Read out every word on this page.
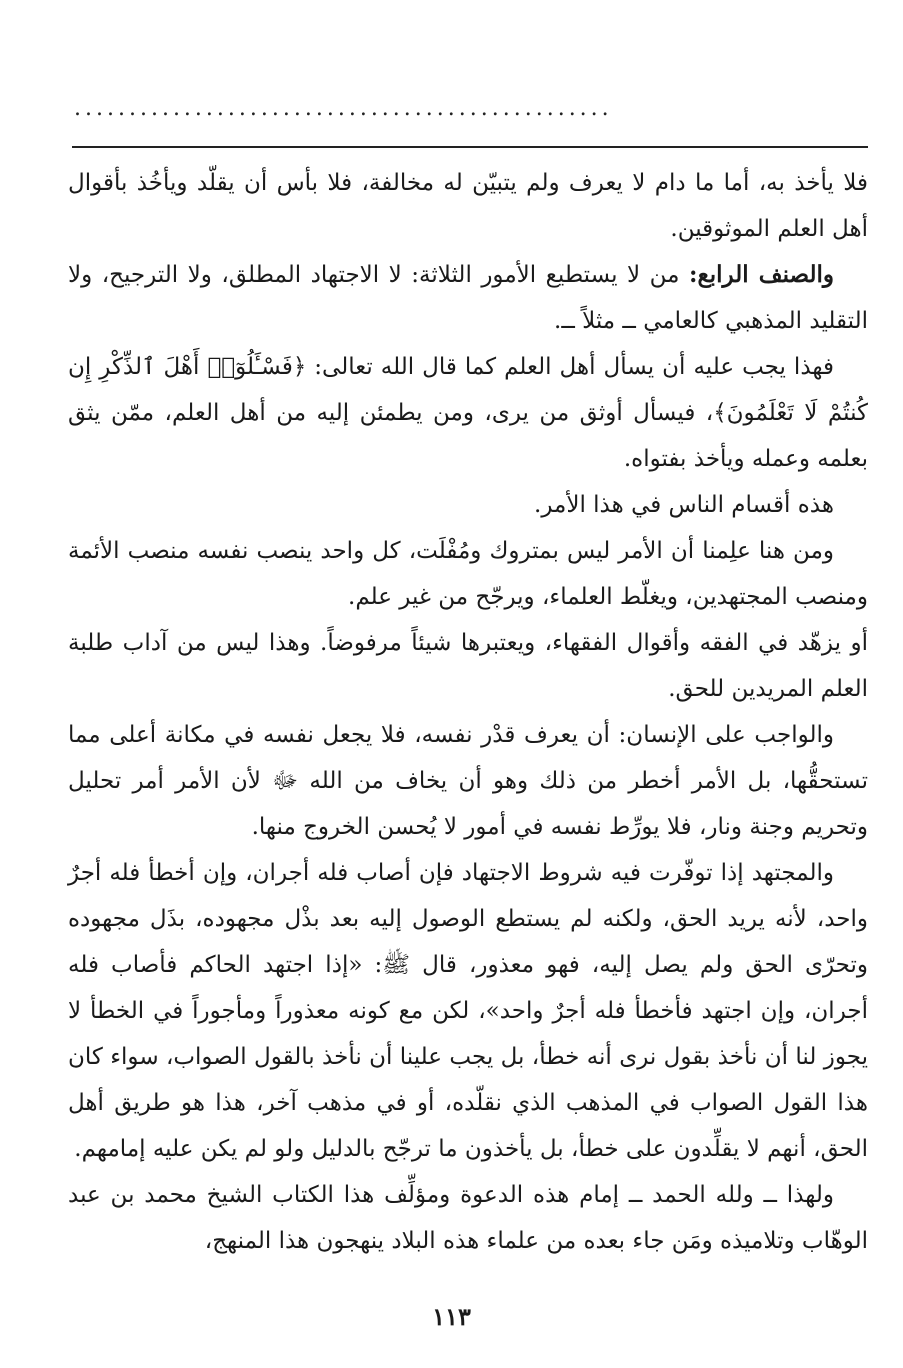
.................................................

فلا يأخذ به، أما ما دام لا يعرف ولم يتبيّن له مخالفة، فلا بأس أن يقلّد ويأخُذ بأقوال أهل العلم الموثوقين.

والصنف الرابع: من لا يستطيع الأمور الثلاثة: لا الاجتهاد المطلق، ولا الترجيح، ولا التقليد المذهبي كالعامي ــ مثلاً ــ.

فهذا يجب عليه أن يسأل أهل العلم كما قال الله تعالى: ﴿فَسْـَٔلُوٓا۟ أَهْلَ ٱلذِّكْرِ إِن كُنتُمْ لَا تَعْلَمُونَ﴾، فيسأل أوثق من يرى، ومن يطمئن إليه من أهل العلم، ممّن يثق بعلمه وعمله ويأخذ بفتواه.

هذه أقسام الناس في هذا الأمر.

ومن هنا علِمنا أن الأمر ليس بمتروك ومُفْلَت، كل واحد ينصب نفسه منصب الأئمة ومنصب المجتهدين، ويغلّط العلماء، ويرجّح من غير علم.

أو يزهّد في الفقه وأقوال الفقهاء، ويعتبرها شيئاً مرفوضاً. وهذا ليس من آداب طلبة العلم المريدين للحق.

والواجب على الإنسان: أن يعرف قدْر نفسه، فلا يجعل نفسه في مكانة أعلى مما تستحقُّها، بل الأمر أخطر من ذلك وهو أن يخاف من الله ﷻ لأن الأمر أمر تحليل وتحريم وجنة ونار، فلا يورِّط نفسه في أمور لا يُحسن الخروج منها.

والمجتهد إذا توفّرت فيه شروط الاجتهاد فإن أصاب فله أجران، وإن أخطأ فله أجرٌ واحد، لأنه يريد الحق، ولكنه لم يستطع الوصول إليه بعد بذْل مجهوده، بذَل مجهوده وتحرّى الحق ولم يصل إليه، فهو معذور، قال ﷺ: «إذا اجتهد الحاكم فأصاب فله أجران، وإن اجتهد فأخطأ فله أجرٌ واحد»، لكن مع كونه معذوراً ومأجوراً في الخطأ لا يجوز لنا أن نأخذ بقول نرى أنه خطأ، بل يجب علينا أن نأخذ بالقول الصواب، سواء كان هذا القول الصواب في المذهب الذي نقلّده، أو في مذهب آخر، هذا هو طريق أهل الحق، أنهم لا يقلِّدون على خطأ، بل يأخذون ما ترجّح بالدليل ولو لم يكن عليه إمامهم.

ولهذا ــ ولله الحمد ــ إمام هذه الدعوة ومؤلِّف هذا الكتاب الشيخ محمد بن عبد الوهّاب وتلاميذه ومَن جاء بعده من علماء هذه البلاد ينهجون هذا المنهج،

١١٣
